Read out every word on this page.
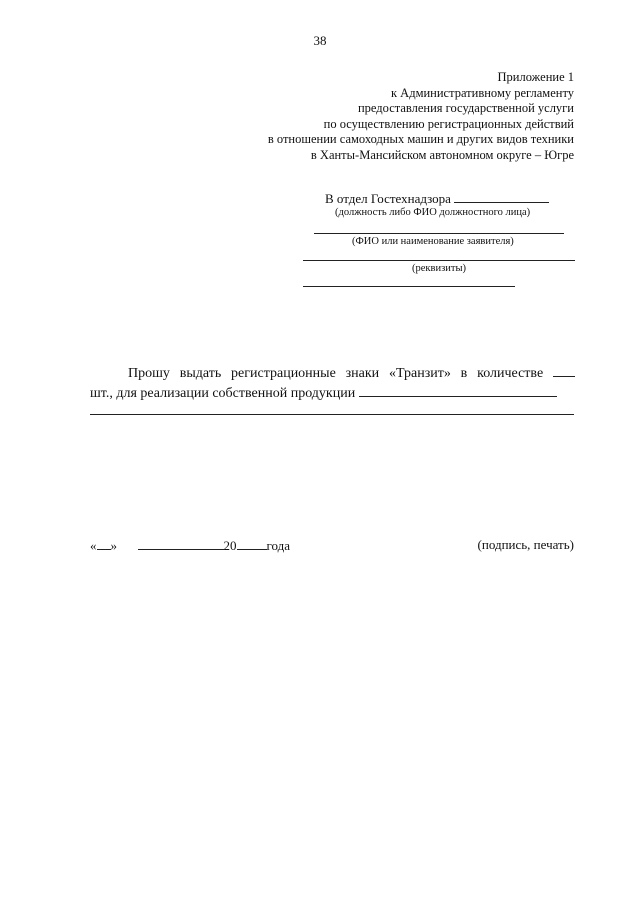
38
Приложение 1
к Административному регламенту
предоставления государственной услуги
по осуществлению регистрационных действий
в отношении самоходных машин и других видов техники
в Ханты-Мансийском автономном округе – Югре
В отдел Гостехнадзора
(должность либо ФИО должностного лица)
(ФИО или наименование заявителя)
(реквизиты)
Прошу выдать регистрационные знаки «Транзит» в количестве
шт., для реализации собственной продукции
« »	20 года	(подпись, печать)
